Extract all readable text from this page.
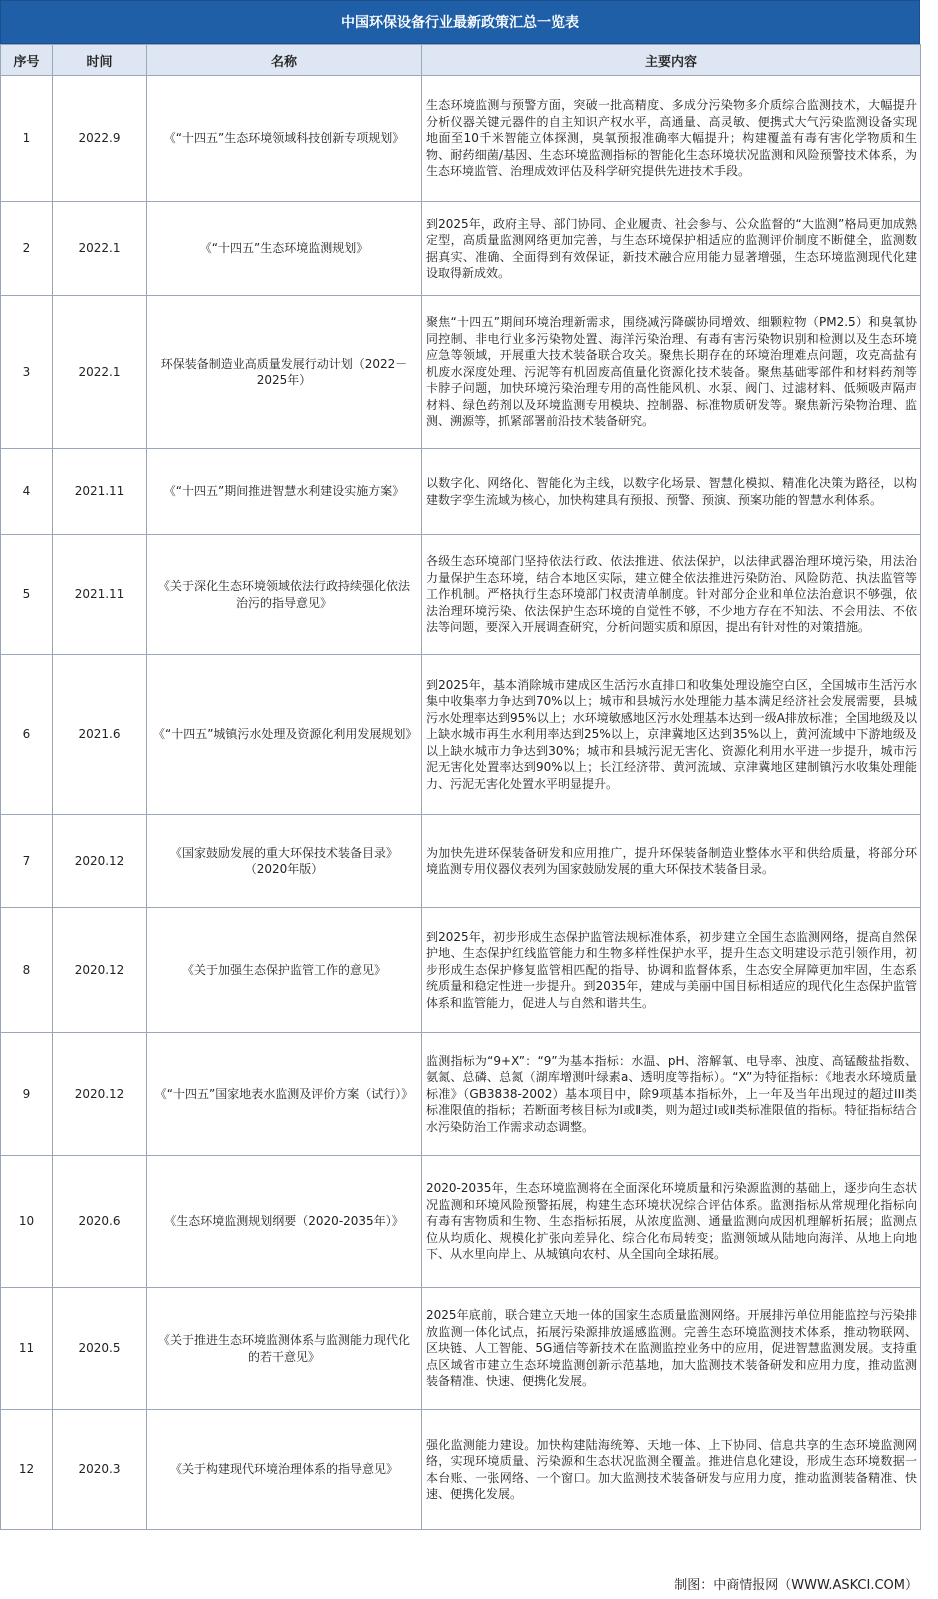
中国环保设备行业最新政策汇总一览表
序号	时间	名称	主要内容
1	2022.9	《“十四五”生态环境领域科技创新专项规划》	生态环境监测与预警方面，突破一批高精度、多成分污染物多介质综合监测技术，大幅提升分析仪器关键元器件的自主知识产权水平，高通量、高灵敏、便携式大气污染监测设备实现地面至10千米智能立体探测，臭氧预报准确率大幅提升；构建覆盖有毒有害化学物质和生物、耐药细菌/基因、生态环境监测指标的智能化生态环境状况监测和风险预警技术体系，为生态环境监管、治理成效评估及科学研究提供先进技术手段。
2	2022.1	《“十四五”生态环境监测规划》	到2025年，政府主导、部门协同、企业履责、社会参与、公众监督的“大监测”格局更加成熟定型，高质量监测网络更加完善，与生态环境保护相适应的监测评价制度不断健全，监测数据真实、准确、全面得到有效保证，新技术融合应用能力显著增强，生态环境监测现代化建设取得新成效。
3	2022.1	环保装备制造业高质量发展行动计划（2022－2025年）	聚焦“十四五”期间环境治理新需求，围绕减污降碳协同增效、细颗粒物（PM2.5）和臭氧协同控制、非电行业多污染物处置、海洋污染治理、有毒有害污染物识别和检测以及生态环境应急等领域，开展重大技术装备联合攻关。聚焦长期存在的环境治理难点问题，攻克高盐有机废水深度处理、污泥等有机固废高值量化资源化技术装备。聚焦基础零部件和材料药剂等卡脖子问题，加快环境污染治理专用的高性能风机、水泵、阀门、过滤材料、低频吸声隔声材料、绿色药剂以及环境监测专用模块、控制器、标准物质研发等。聚焦新污染物治理、监测、溯源等，抓紧部署前沿技术装备研究。
4	2021.11	《“十四五”期间推进智慧水利建设实施方案》	以数字化、网络化、智能化为主线，以数字化场景、智慧化模拟、精准化决策为路径，以构建数字孪生流域为核心，加快构建具有预报、预警、预演、预案功能的智慧水利体系。
5	2021.11	《关于深化生态环境领域依法行政持续强化依法治污的指导意见》	各级生态环境部门坚持依法行政、依法推进、依法保护，以法律武器治理环境污染，用法治力量保护生态环境，结合本地区实际，建立健全依法推进污染防治、风险防范、执法监管等工作机制。严格执行生态环境部门权责清单制度。针对部分企业和单位法治意识不够强，依法治理环境污染、依法保护生态环境的自觉性不够，不少地方存在不知法、不会用法、不依法等问题，要深入开展调查研究，分析问题实质和原因，提出有针对性的对策措施。
6	2021.6	《“十四五”城镇污水处理及资源化利用发展规划》	到2025年，基本消除城市建成区生活污水直排口和收集处理设施空白区，全国城市生活污水集中收集率力争达到70%以上；城市和县城污水处理能力基本满足经济社会发展需要，县城污水处理率达到95%以上；水环境敏感地区污水处理基本达到一级A排放标准；全国地级及以上缺水城市再生水利用率达到25%以上，京津冀地区达到35%以上，黄河流域中下游地级及以上缺水城市力争达到30%；城市和县城污泥无害化、资源化利用水平进一步提升，城市污泥无害化处置率达到90%以上；长江经济带、黄河流域、京津冀地区建制镇污水收集处理能力、污泥无害化处置水平明显提升。
7	2020.12	《国家鼓励发展的重大环保技术装备目录》（2020年版）	为加快先进环保装备研发和应用推广，提升环保装备制造业整体水平和供给质量，将部分环境监测专用仪器仪表列为国家鼓励发展的重大环保技术装备目录。
8	2020.12	《关于加强生态保护监管工作的意见》	到2025年，初步形成生态保护监管法规标准体系，初步建立全国生态监测网络，提高自然保护地、生态保护红线监管能力和生物多样性保护水平，提升生态文明建设示范引领作用，初步形成生态保护修复监管相匹配的指导、协调和监督体系，生态安全屏障更加牢固，生态系统质量和稳定性进一步提升。到2035年，建成与美丽中国目标相适应的现代化生态保护监管体系和监管能力，促进人与自然和谐共生。
9	2020.12	《“十四五”国家地表水监测及评价方案（试行）》	监测指标为“9+X”：“9”为基本指标：水温、pH、溶解氧、电导率、浊度、高锰酸盐指数、氨氮、总磷、总氮（湖库增测叶绿素a、透明度等指标）。“X”为特征指标：《地表水环境质量标准》（GB3838-2002）基本项目中，除9项基本指标外，上一年及当年出现过的超过III类标准限值的指标；若断面考核目标为Ⅰ或Ⅱ类，则为超过Ⅰ或Ⅱ类标准限值的指标。特征指标结合水污染防治工作需求动态调整。
10	2020.6	《生态环境监测规划纲要（2020-2035年）》	2020-2035年，生态环境监测将在全面深化环境质量和污染源监测的基础上，逐步向生态状况监测和环境风险预警拓展，构建生态环境状况综合评估体系。监测指标从常规理化指标向有毒有害物质和生物、生态指标拓展，从浓度监测、通量监测向成因机理解析拓展；监测点位从均质化、规模化扩张向差异化、综合化布局转变；监测领域从陆地向海洋、从地上向地下、从水里向岸上、从城镇向农村、从全国向全球拓展。
11	2020.5	《关于推进生态环境监测体系与监测能力现代化的若干意见》	2025年底前，联合建立天地一体的国家生态质量监测网络。开展排污单位用能监控与污染排放监测一体化试点，拓展污染源排放遥感监测。完善生态环境监测技术体系，推动物联网、区块链、人工智能、5G通信等新技术在监测监控业务中的应用，促进智慧监测发展。支持重点区域省市建立生态环境监测创新示范基地，加大监测技术装备研发和应用力度，推动监测装备精准、快速、便携化发展。
12	2020.3	《关于构建现代环境治理体系的指导意见》	强化监测能力建设。加快构建陆海统筹、天地一体、上下协同、信息共享的生态环境监测网络，实现环境质量、污染源和生态状况监测全覆盖。推进信息化建设，形成生态环境数据一本台账、一张网络、一个窗口。加大监测技术装备研发与应用力度，推动监测装备精准、快速、便携化发展。
制图：中商情报网（WWW.ASKCI.COM）
